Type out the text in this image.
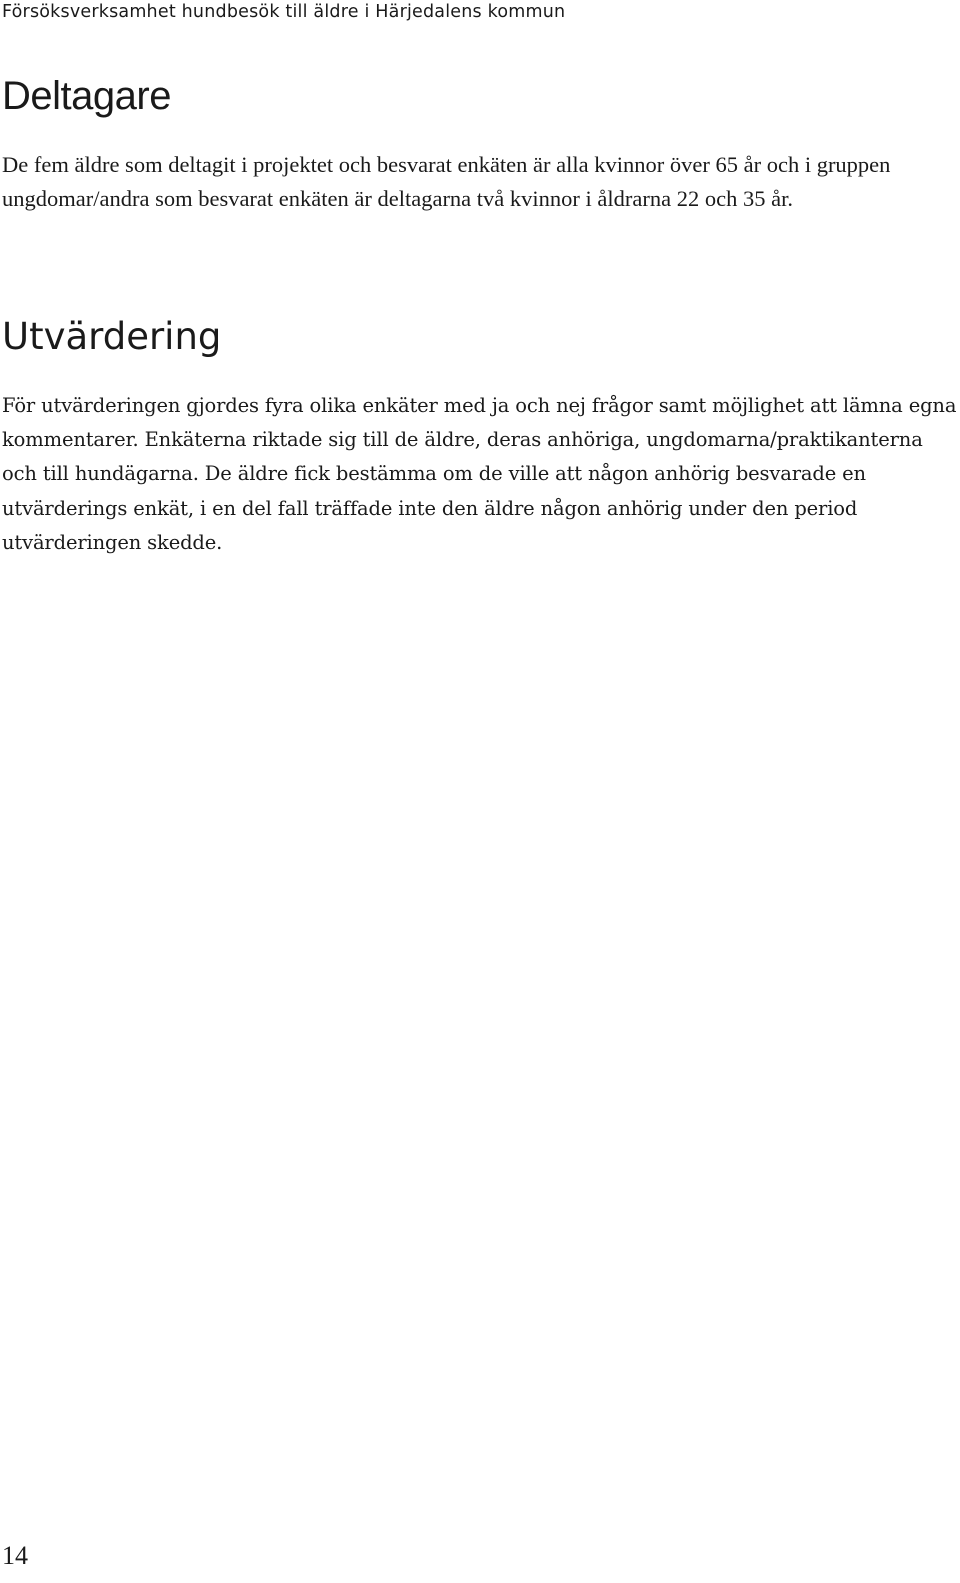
Försöksverksamhet hundbesök till äldre i Härjedalens kommun
Deltagare

De fem äldre som deltagit i projektet och besvarat enkäten är alla kvinnor över 65 år och i gruppen ungdomar/andra som besvarat enkäten är deltagarna två kvinnor i åldrarna 22 och 35 år.

Utvärdering

För utvärderingen gjordes fyra olika enkäter med ja och nej frågor samt möjlighet att lämna egna kommentarer. Enkäterna riktade sig till de äldre, deras anhöriga, ungdomarna/praktikanterna och till hundägarna. De äldre fick bestämma om de ville att någon anhörig besvarade en utvärderings enkät, i en del fall träffade inte den äldre någon anhörig under den period utvärderingen skedde.

14
